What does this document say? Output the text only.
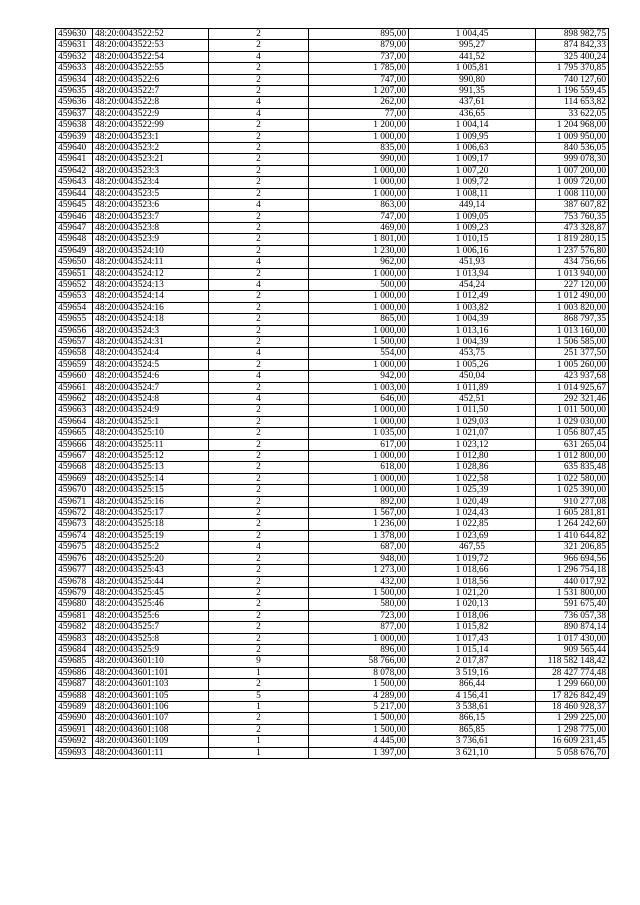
459630	48:20:0043522:52	2	895,00	1 004,45	898 982,75
459631	48:20:0043522:53	2	879,00	995,27	874 842,33
459632	48:20:0043522:54	4	737,00	441,52	325 400,24
459633	48:20:0043522:55	2	1 785,00	1 005,81	1 795 370,85
459634	48:20:0043522:6	2	747,00	990,80	740 127,60
459635	48:20:0043522:7	2	1 207,00	991,35	1 196 559,45
459636	48:20:0043522:8	4	262,00	437,61	114 653,82
459637	48:20:0043522:9	4	77,00	436,65	33 622,05
459638	48:20:0043522:99	2	1 200,00	1 004,14	1 204 968,00
459639	48:20:0043523:1	2	1 000,00	1 009,95	1 009 950,00
459640	48:20:0043523:2	2	835,00	1 006,63	840 536,05
459641	48:20:0043523:21	2	990,00	1 009,17	999 078,30
459642	48:20:0043523:3	2	1 000,00	1 007,20	1 007 200,00
459643	48:20:0043523:4	2	1 000,00	1 009,72	1 009 720,00
459644	48:20:0043523:5	2	1 000,00	1 008,11	1 008 110,00
459645	48:20:0043523:6	4	863,00	449,14	387 607,82
459646	48:20:0043523:7	2	747,00	1 009,05	753 760,35
459647	48:20:0043523:8	2	469,00	1 009,23	473 328,87
459648	48:20:0043523:9	2	1 801,00	1 010,15	1 819 280,15
459649	48:20:0043524:10	2	1 230,00	1 006,16	1 237 576,80
459650	48:20:0043524:11	4	962,00	451,93	434 756,66
459651	48:20:0043524:12	2	1 000,00	1 013,94	1 013 940,00
459652	48:20:0043524:13	4	500,00	454,24	227 120,00
459653	48:20:0043524:14	2	1 000,00	1 012,49	1 012 490,00
459654	48:20:0043524:16	2	1 000,00	1 003,82	1 003 820,00
459655	48:20:0043524:18	2	865,00	1 004,39	868 797,35
459656	48:20:0043524:3	2	1 000,00	1 013,16	1 013 160,00
459657	48:20:0043524:31	2	1 500,00	1 004,39	1 506 585,00
459658	48:20:0043524:4	4	554,00	453,75	251 377,50
459659	48:20:0043524:5	2	1 000,00	1 005,26	1 005 260,00
459660	48:20:0043524:6	4	942,00	450,04	423 937,68
459661	48:20:0043524:7	2	1 003,00	1 011,89	1 014 925,67
459662	48:20:0043524:8	4	646,00	452,51	292 321,46
459663	48:20:0043524:9	2	1 000,00	1 011,50	1 011 500,00
459664	48:20:0043525:1	2	1 000,00	1 029,03	1 029 030,00
459665	48:20:0043525:10	2	1 035,00	1 021,07	1 056 807,45
459666	48:20:0043525:11	2	617,00	1 023,12	631 265,04
459667	48:20:0043525:12	2	1 000,00	1 012,80	1 012 800,00
459668	48:20:0043525:13	2	618,00	1 028,86	635 835,48
459669	48:20:0043525:14	2	1 000,00	1 022,58	1 022 580,00
459670	48:20:0043525:15	2	1 000,00	1 025,39	1 025 390,00
459671	48:20:0043525:16	2	892,00	1 020,49	910 277,08
459672	48:20:0043525:17	2	1 567,00	1 024,43	1 605 281,81
459673	48:20:0043525:18	2	1 236,00	1 022,85	1 264 242,60
459674	48:20:0043525:19	2	1 378,00	1 023,69	1 410 644,82
459675	48:20:0043525:2	4	687,00	467,55	321 206,85
459676	48:20:0043525:20	2	948,00	1 019,72	966 694,56
459677	48:20:0043525:43	2	1 273,00	1 018,66	1 296 754,18
459678	48:20:0043525:44	2	432,00	1 018,56	440 017,92
459679	48:20:0043525:45	2	1 500,00	1 021,20	1 531 800,00
459680	48:20:0043525:46	2	580,00	1 020,13	591 675,40
459681	48:20:0043525:6	2	723,00	1 018,06	736 057,38
459682	48:20:0043525:7	2	877,00	1 015,82	890 874,14
459683	48:20:0043525:8	2	1 000,00	1 017,43	1 017 430,00
459684	48:20:0043525:9	2	896,00	1 015,14	909 565,44
459685	48:20:0043601:10	9	58 766,00	2 017,87	118 582 148,42
459686	48:20:0043601:101	1	8 078,00	3 519,16	28 427 774,48
459687	48:20:0043601:103	2	1 500,00	866,44	1 299 660,00
459688	48:20:0043601:105	5	4 289,00	4 156,41	17 826 842,49
459689	48:20:0043601:106	1	5 217,00	3 538,61	18 460 928,37
459690	48:20:0043601:107	2	1 500,00	866,15	1 299 225,00
459691	48:20:0043601:108	2	1 500,00	865,85	1 298 775,00
459692	48:20:0043601:109	1	4 445,00	3 736,61	16 609 231,45
459693	48:20:0043601:11	1	1 397,00	3 621,10	5 058 676,70
